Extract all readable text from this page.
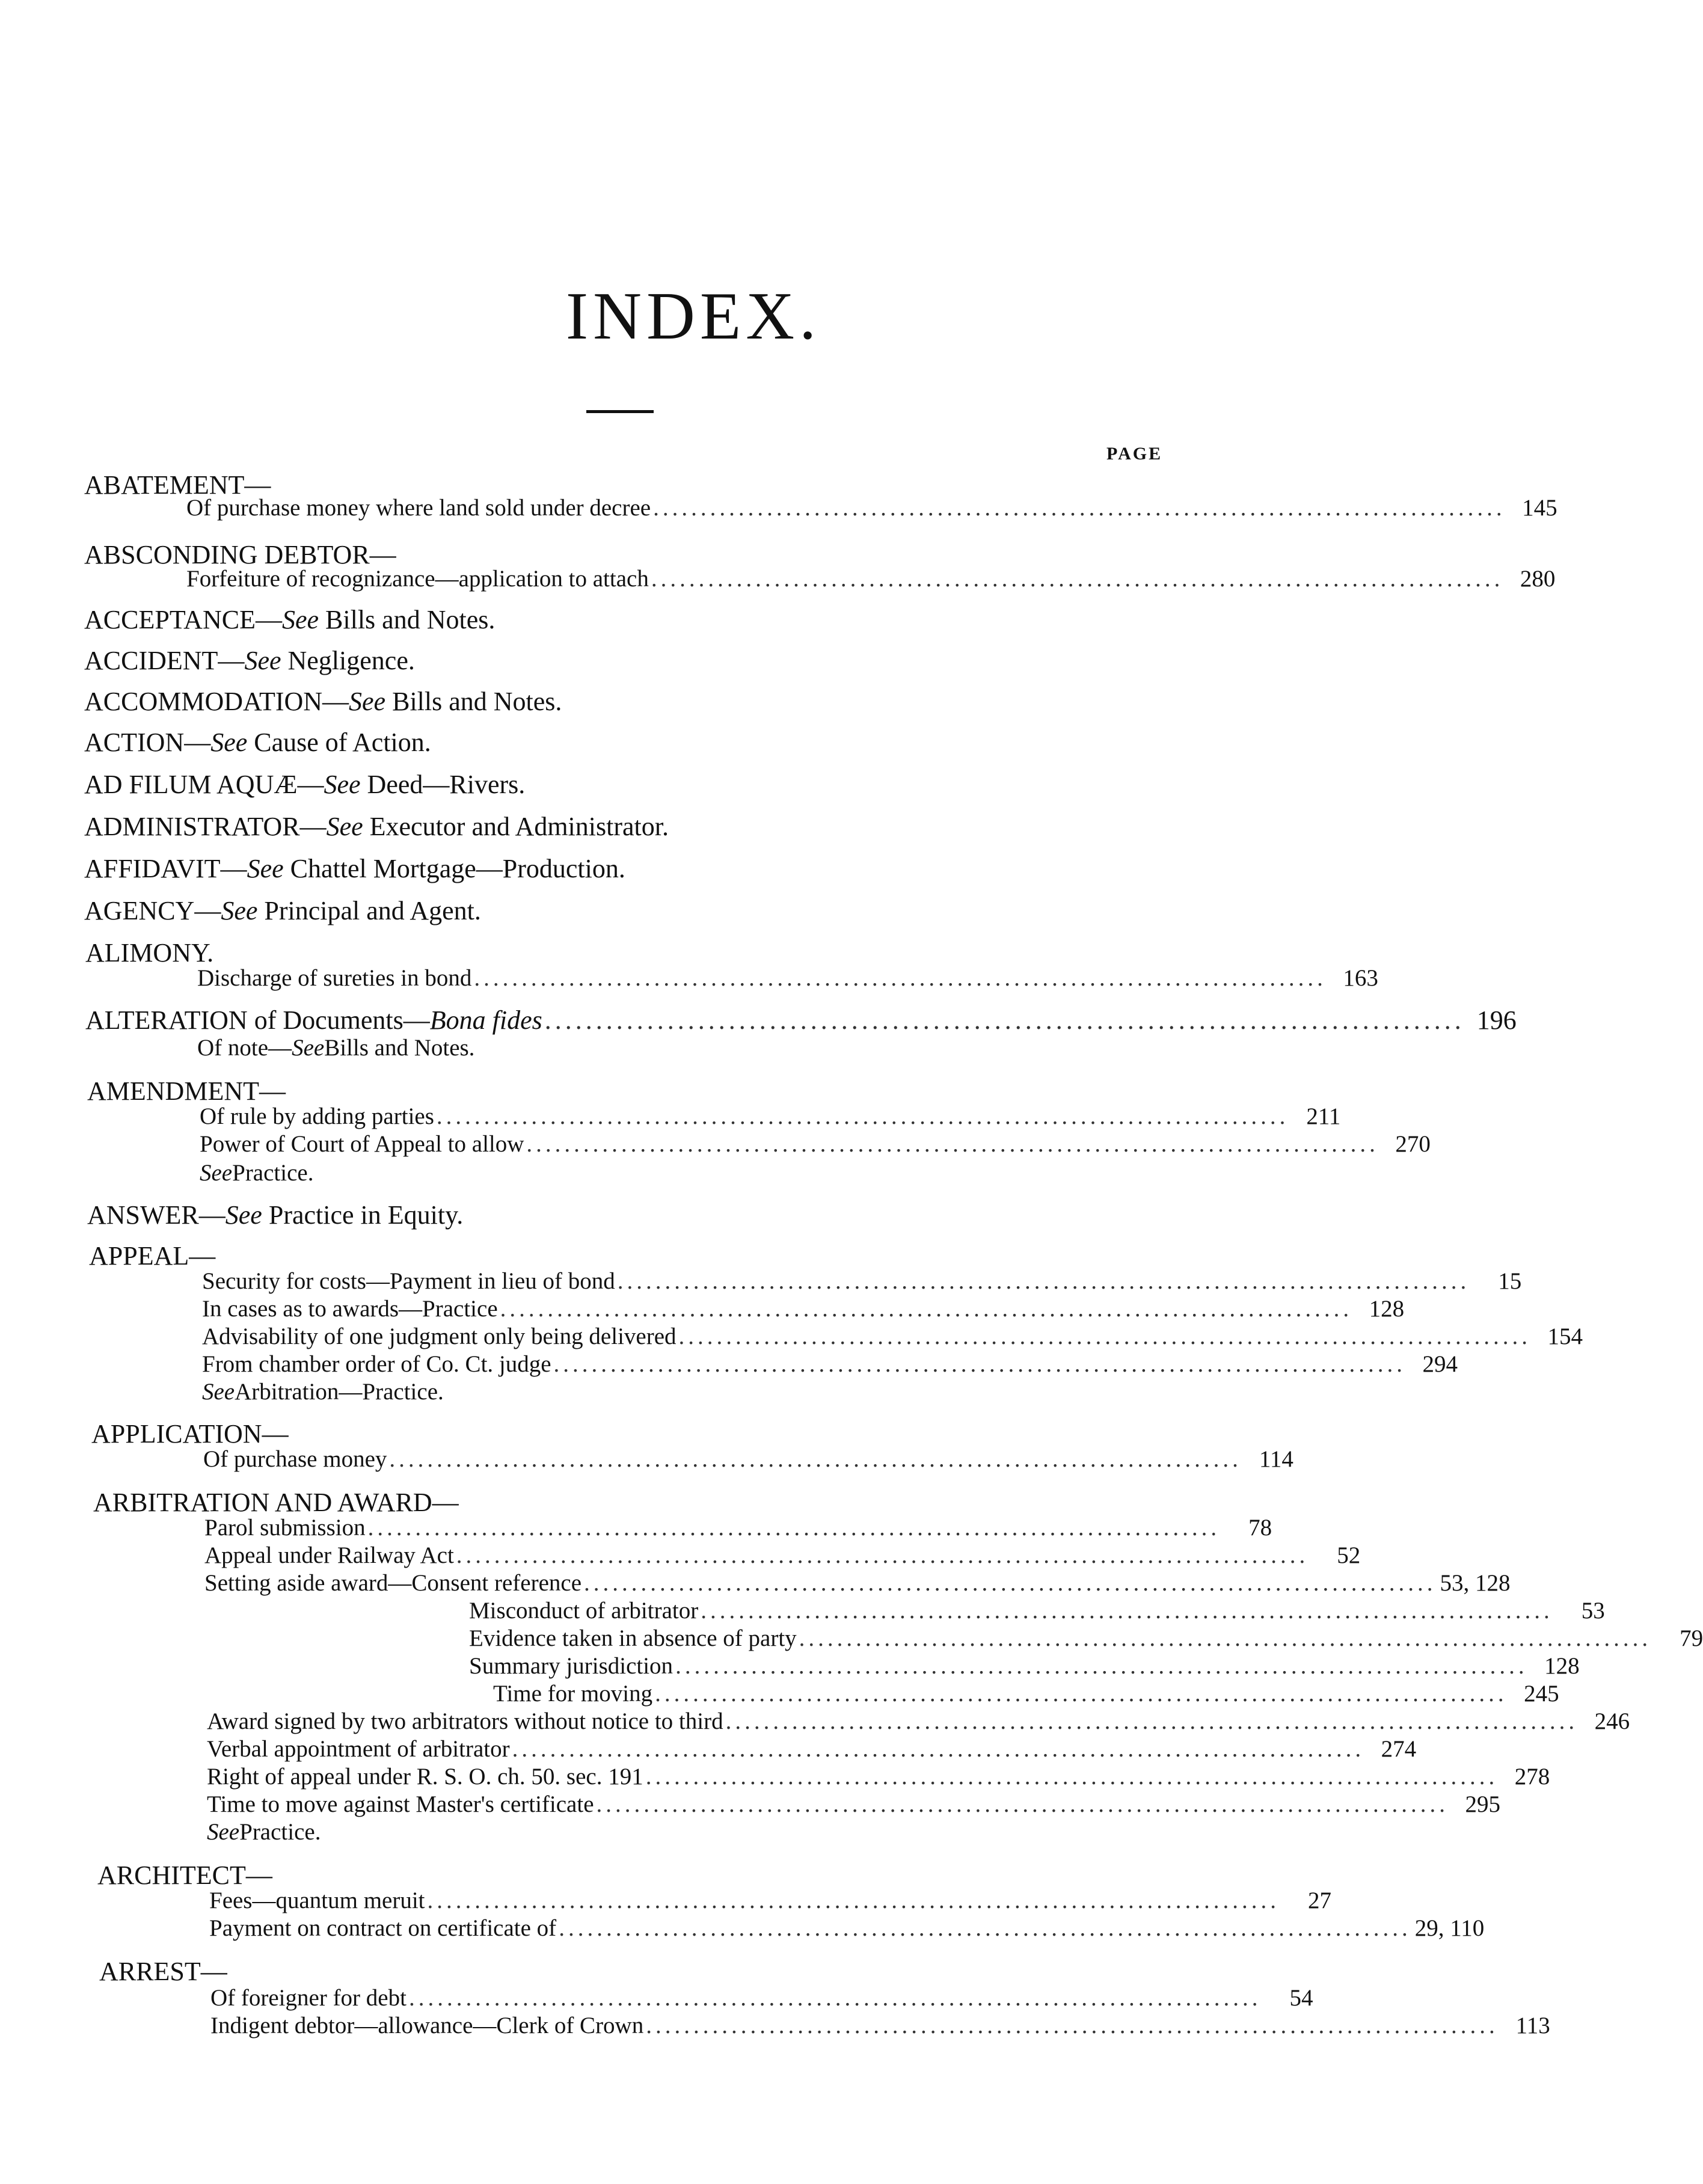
INDEX.
PAGE
ABATEMENT—
Of purchase money where land sold under decree .......................................................................................... 145
ABSCONDING DEBTOR—
Forfeiture of recognizance—application to attach .......................................................................................... 280
ACCEPTANCE—See Bills and Notes.
ACCIDENT—See Negligence.
ACCOMMODATION—See Bills and Notes.
ACTION—See Cause of Action.
AD FILUM AQUÆ—See Deed—Rivers.
ADMINISTRATOR—See Executor and Administrator.
AFFIDAVIT—See Chattel Mortgage—Production.
AGENCY—See Principal and Agent.
ALIMONY.
Discharge of sureties in bond .......................................................................................... 163
ALTERATION of Documents—Bona fides .......................................................................................... 196
Of note— See Bills and Notes.
AMENDMENT—
Of rule by adding parties .......................................................................................... 211
Power of Court of Appeal to allow .......................................................................................... 270
See Practice.
ANSWER—See Practice in Equity.
APPEAL—
Security for costs—Payment in lieu of bond ..........................................................................................	15
In cases as to awards—Practice .......................................................................................... 128
Advisability of one judgment only being delivered .......................................................................................... 154
From chamber order of Co. Ct. judge .......................................................................................... 294
See Arbitration—Practice.
APPLICATION—
Of purchase money .......................................................................................... 114
ARBITRATION AND AWARD—
Parol submission ..........................................................................................	78
Appeal under Railway Act ..........................................................................................	52
Setting aside award—Consent reference .......................................................................................... 53, 128
Misconduct of arbitrator ..........................................................................................	53
Evidence taken in absence of party ..........................................................................................	79
Summary jurisdiction .......................................................................................... 128
Time for moving .......................................................................................... 245
Award signed by two arbitrators without notice to third .......................................................................................... 246
Verbal appointment of arbitrator .......................................................................................... 274
Right of appeal under R. S. O. ch. 50. sec. 191 .......................................................................................... 278
Time to move against Master's certificate .......................................................................................... 295
See Practice.
ARCHITECT—
Fees—quantum meruit ..........................................................................................	27
Payment on contract on certificate of .......................................................................................... 29, 110
ARREST—
Of foreigner for debt ..........................................................................................	54
Indigent debtor—allowance—Clerk of Crown .......................................................................................... 113
